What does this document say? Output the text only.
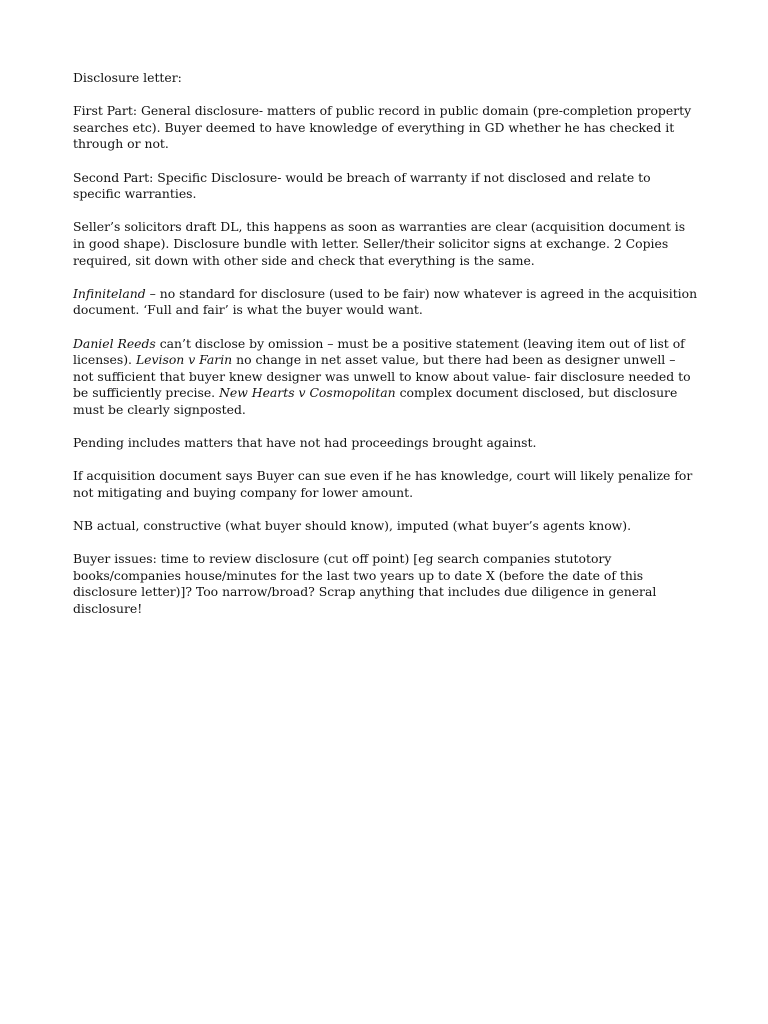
Disclosure letter:

First Part: General disclosure- matters of public record in public domain (pre-completion property searches etc). Buyer deemed to have knowledge of everything in GD whether he has checked it through or not.

Second Part: Specific Disclosure- would be breach of warranty if not disclosed and relate to specific warranties.

Seller’s solicitors draft DL, this happens as soon as warranties are clear (acquisition document is in good shape). Disclosure bundle with letter. Seller/their solicitor signs at exchange. 2 Copies required, sit down with other side and check that everything is the same.

Infiniteland – no standard for disclosure (used to be fair) now whatever is agreed in the acquisition document. ‘Full and fair’ is what the buyer would want.

Daniel Reeds can’t disclose by omission – must be a positive statement (leaving item out of list of licenses). Levison v Farin no change in net asset value, but there had been as designer unwell – not sufficient that buyer knew designer was unwell to know about value- fair disclosure needed to be sufficiently precise. New Hearts v Cosmopolitan complex document disclosed, but disclosure must be clearly signposted.

Pending includes matters that have not had proceedings brought against.

If acquisition document says Buyer can sue even if he has knowledge, court will likely penalize for not mitigating and buying company for lower amount.

NB actual, constructive (what buyer should know), imputed (what buyer’s agents know).

Buyer issues: time to review disclosure (cut off point) [eg search companies stutotory books/companies house/minutes for the last two years up to date X (before the date of this disclosure letter)]? Too narrow/broad? Scrap anything that includes due diligence in general disclosure!
